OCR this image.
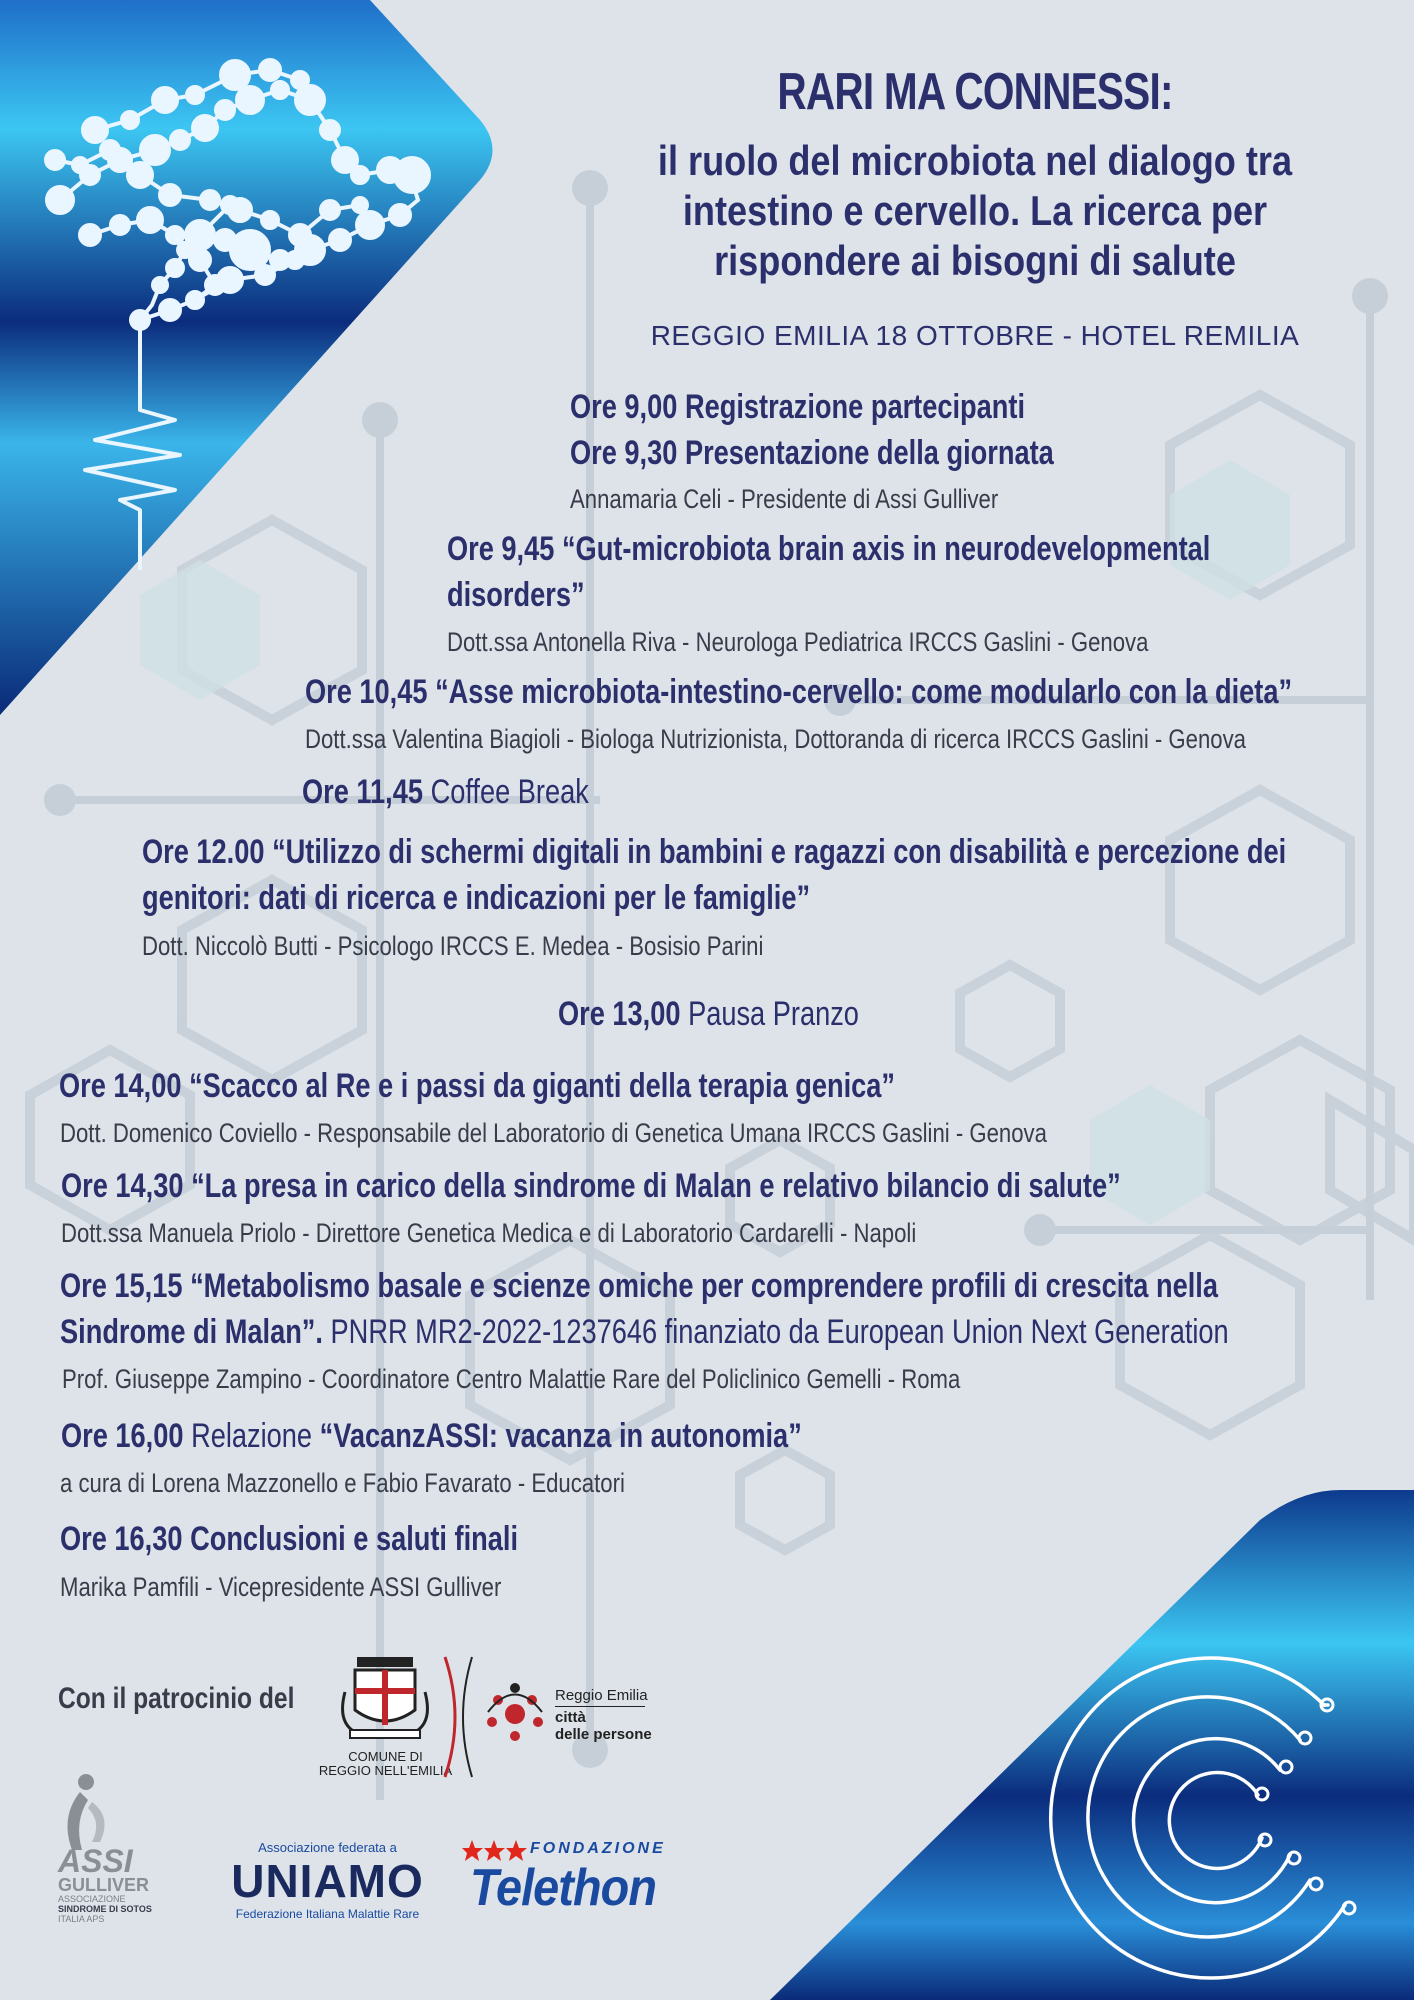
RARI MA CONNESSI:
il ruolo del microbiota nel dialogo tra
intestino e cervello. La ricerca per
rispondere ai bisogni di salute
REGGIO EMILIA 18 OTTOBRE - HOTEL REMILIA
Ore 9,00 Registrazione partecipanti
Ore 9,30 Presentazione della giornata
Annamaria Celi - Presidente di Assi Gulliver
Ore 9,45 “Gut-microbiota brain axis in neurodevelopmental
disorders”
Dott.ssa Antonella Riva - Neurologa Pediatrica IRCCS Gaslini - Genova
Ore 10,45 “Asse microbiota-intestino-cervello: come modularlo con la dieta”
Dott.ssa Valentina Biagioli - Biologa Nutrizionista, Dottoranda di ricerca IRCCS Gaslini - Genova
Ore 11,45 Coffee Break
Ore 12.00 “Utilizzo di schermi digitali in bambini e ragazzi con disabilità e percezione dei
genitori: dati di ricerca e indicazioni per le famiglie”
Dott. Niccolò Butti - Psicologo IRCCS E. Medea - Bosisio Parini
Ore 13,00 Pausa Pranzo
Ore 14,00 “Scacco al Re e i passi da giganti della terapia genica”
Dott. Domenico Coviello - Responsabile del Laboratorio di Genetica Umana IRCCS Gaslini - Genova
Ore 14,30 “La presa in carico della sindrome di Malan e relativo bilancio di salute”
Dott.ssa Manuela Priolo - Direttore Genetica Medica e di Laboratorio Cardarelli - Napoli
Ore 15,15 “Metabolismo basale e scienze omiche per comprendere profili di crescita nella
Sindrome di Malan”. PNRR MR2-2022-1237646 finanziato da European Union Next Generation
Prof. Giuseppe Zampino - Coordinatore Centro Malattie Rare del Policlinico Gemelli - Roma
Ore 16,00 Relazione “VacanzASSI: vacanza in autonomia”
a cura di Lorena Mazzonello e Fabio Favarato - Educatori
Ore 16,30 Conclusioni e saluti finali
Marika Pamfili - Vicepresidente ASSI Gulliver
Con il patrocinio del
COMUNE DI
REGGIO NELL'EMILIA
Reggio Emilia
città
delle persone
ASSI
GULLIVER
ASSOCIAZIONE
SINDROME DI SOTOS
ITALIA APS
Associazione federata a
UNIAMO
Federazione Italiana Malattie Rare
FONDAZIONE
Telethon
